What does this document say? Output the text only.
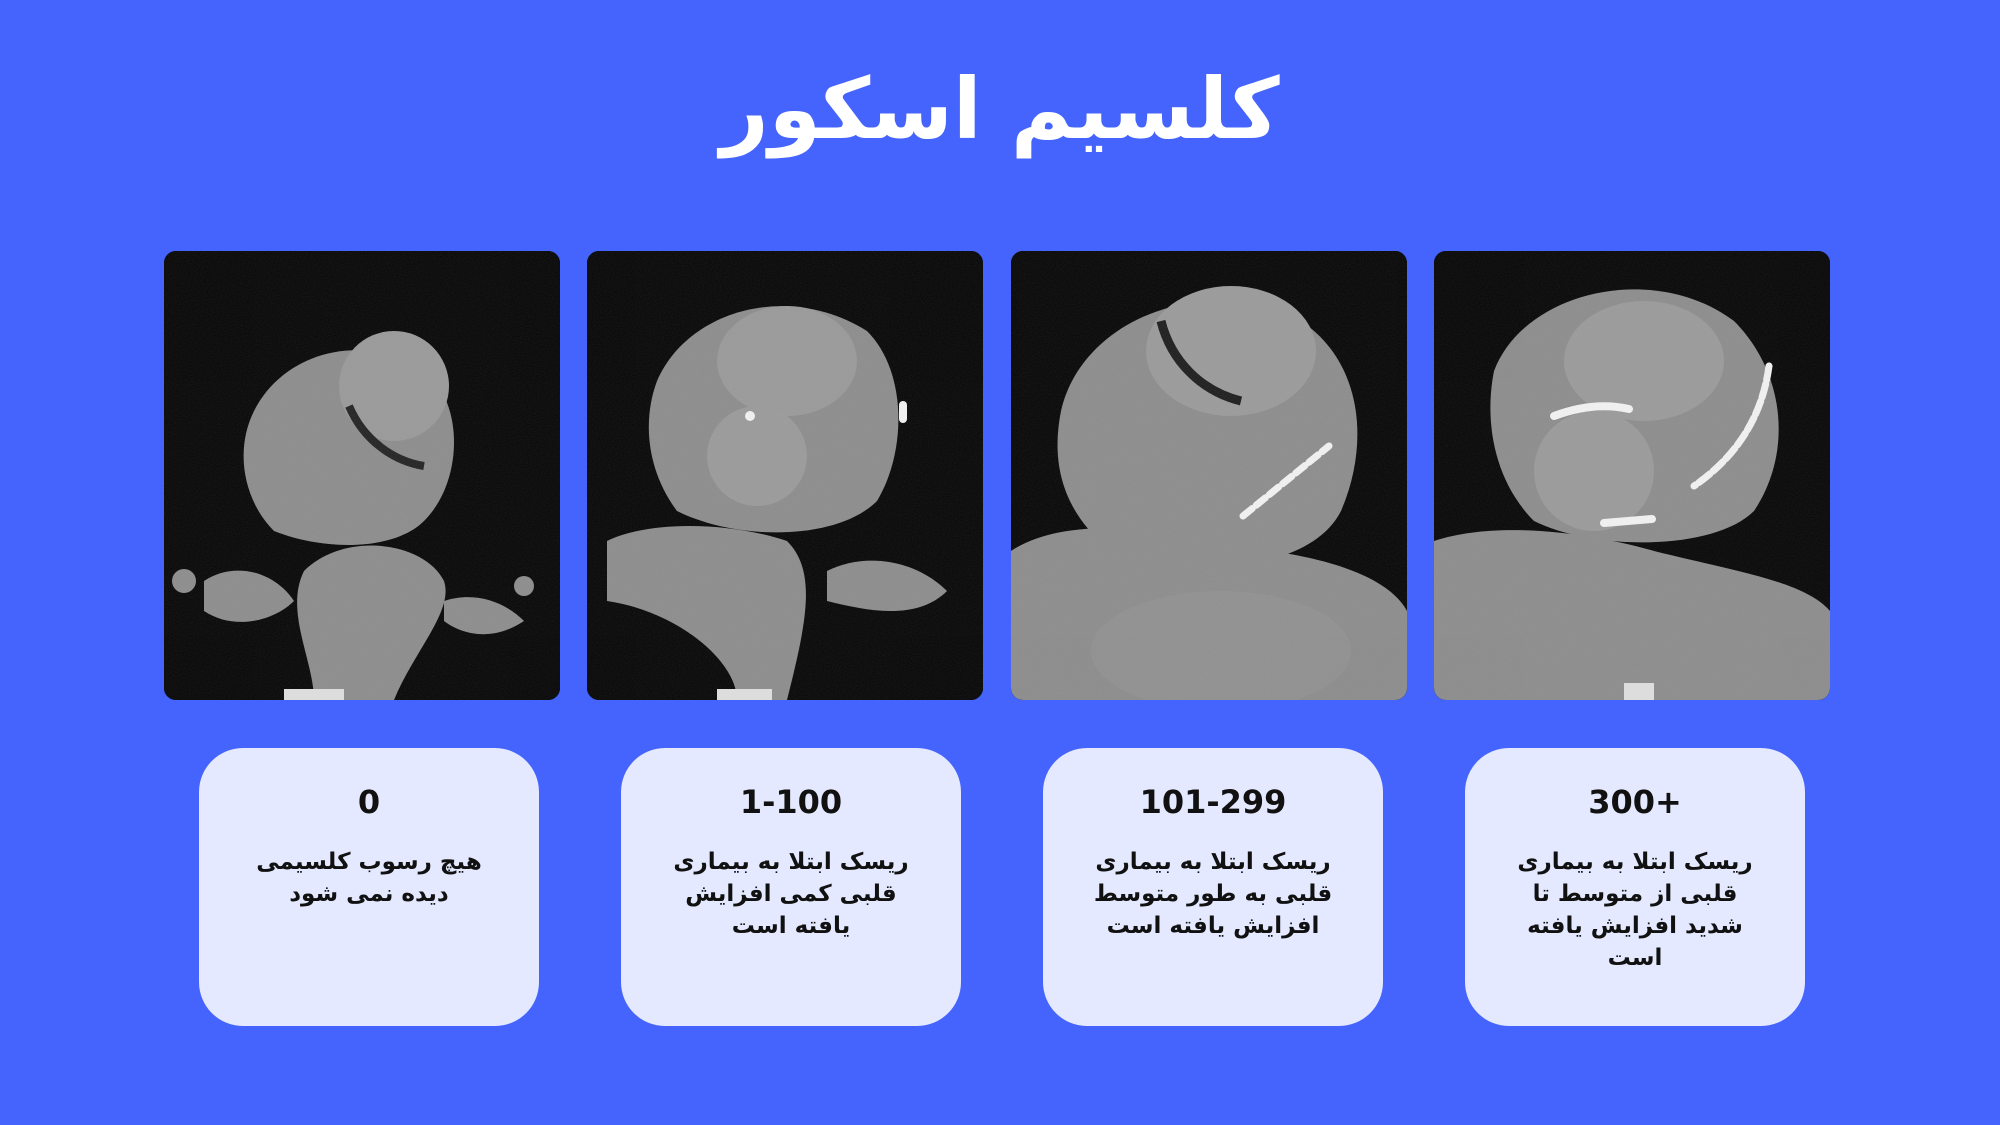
کلسیم اسکور
0
هیچ رسوب کلسیمی دیده نمی شود
1-100
ریسک ابتلا به بیماری قلبی کمی افزایش یافته است
101-299
ریسک ابتلا به بیماری قلبی به طور متوسط افزایش یافته است
300+
ریسک ابتلا به بیماری قلبی از متوسط تا شدید افزایش یافته است
